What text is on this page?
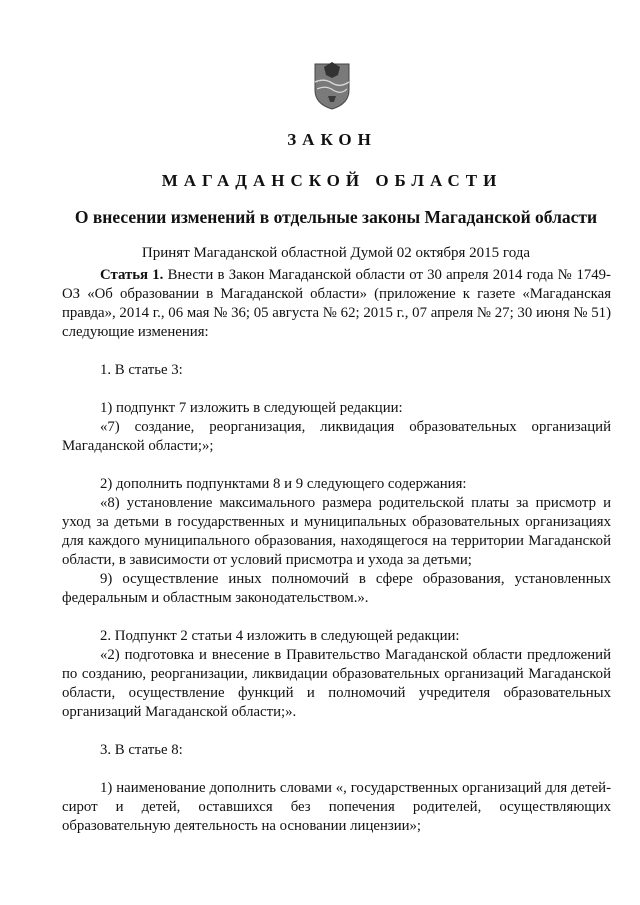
ЗАКОН
МАГАДАНСКОЙ ОБЛАСТИ
О внесении изменений в отдельные законы Магаданской области
Принят Магаданской областной Думой 02 октября 2015 года

Статья 1. Внести в Закон Магаданской области от 30 апреля 2014 года № 1749-ОЗ «Об образовании в Магаданской области» (приложение к газете «Магаданская правда», 2014 г., 06 мая № 36; 05 августа № 62; 2015 г., 07 апреля № 27; 30 июня № 51) следующие изменения:

1. В статье 3:

1) подпункт 7 изложить в следующей редакции:

«7) создание, реорганизация, ликвидация образовательных организаций Магаданской области;»;

2) дополнить подпунктами 8 и 9 следующего содержания:

«8) установление максимального размера родительской платы за присмотр и уход за детьми в государственных и муниципальных образовательных организациях для каждого муниципального образования, находящегося на территории Магаданской области, в зависимости от условий присмотра и ухода за детьми;

9) осуществление иных полномочий в сфере образования, установленных федеральным и областным законодательством.».

2. Подпункт 2 статьи 4 изложить в следующей редакции:

«2) подготовка и внесение в Правительство Магаданской области предложений по созданию, реорганизации, ликвидации образовательных организаций Магаданской области, осуществление функций и полномочий учредителя образовательных организаций Магаданской области;».

3. В статье 8:

1) наименование дополнить словами «, государственных организаций для детей-сирот и детей, оставшихся без попечения родителей, осуществляющих образовательную деятельность на основании лицензии»;
